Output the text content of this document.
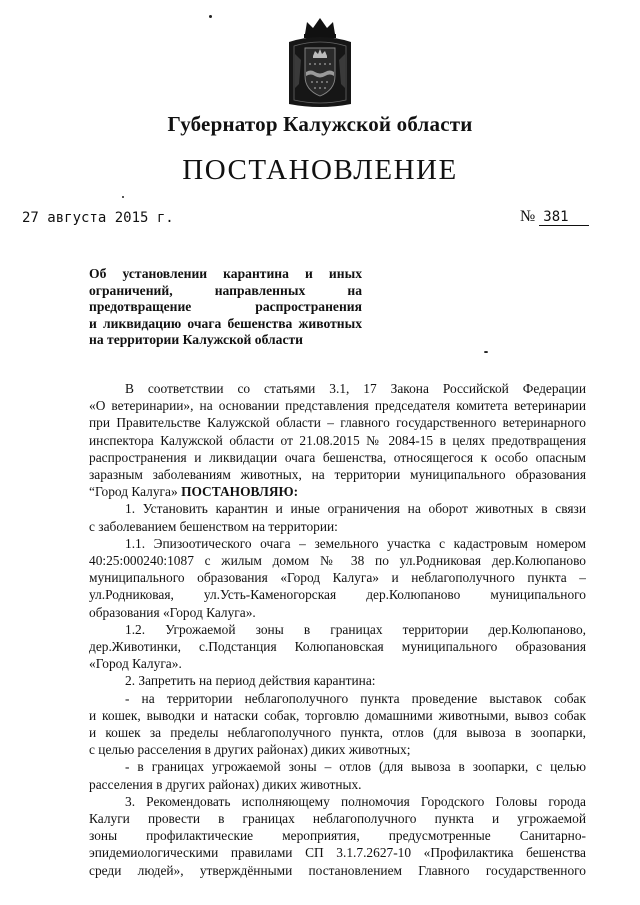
Губернатор Калужской области
ПОСТАНОВЛЕНИЕ
27 августа 2015 г.	№ 381
Об установлении карантина и иных
ограничений, направленных на
предотвращение распространения
и ликвидацию очага бешенства животных
на территории Калужской области
В соответствии со статьями 3.1, 17 Закона Российской Федерации
«О ветеринарии», на основании представления председателя комитета ветеринарии
при Правительстве Калужской области – главного государственного ветеринарного
инспектора Калужской области от 21.08.2015 № 2084-15 в целях предотвращения
распространения и ликвидации очага бешенства, относящегося к особо опасным
заразным заболеваниям животных, на территории муниципального образования
“Город Калуга» ПОСТАНОВЛЯЮ:
1. Установить карантин и иные ограничения на оборот животных в связи
с заболеванием бешенством на территории:
1.1. Эпизоотического очага – земельного участка с кадастровым номером
40:25:000240:1087 с жилым домом № 38 по ул.Родниковая дер.Колюпаново
муниципального образования «Город Калуга» и неблагополучного пункта –
ул.Родниковая, ул.Усть-Каменогорская дер.Колюпаново муниципального
образования «Город Калуга».
1.2. Угрожаемой зоны в границах территории дер.Колюпаново,
дер.Животинки, с.Подстанция Колюпановская муниципального образования
«Город Калуга».
2. Запретить на период действия карантина:
- на территории неблагополучного пункта проведение выставок собак
и кошек, выводки и натаски собак, торговлю домашними животными, вывоз собак
и кошек за пределы неблагополучного пункта, отлов (для вывоза в зоопарки,
с целью расселения в других районах) диких животных;
- в границах угрожаемой зоны – отлов (для вывоза в зоопарки, с целью
расселения в других районах) диких животных.
3. Рекомендовать исполняющему полномочия Городского Головы города
Калуги провести в границах неблагополучного пункта и угрожаемой
зоны профилактические мероприятия, предусмотренные Санитарно-
эпидемиологическими правилами СП 3.1.7.2627-10 «Профилактика бешенства
среди людей», утверждёнными постановлением Главного государственного
